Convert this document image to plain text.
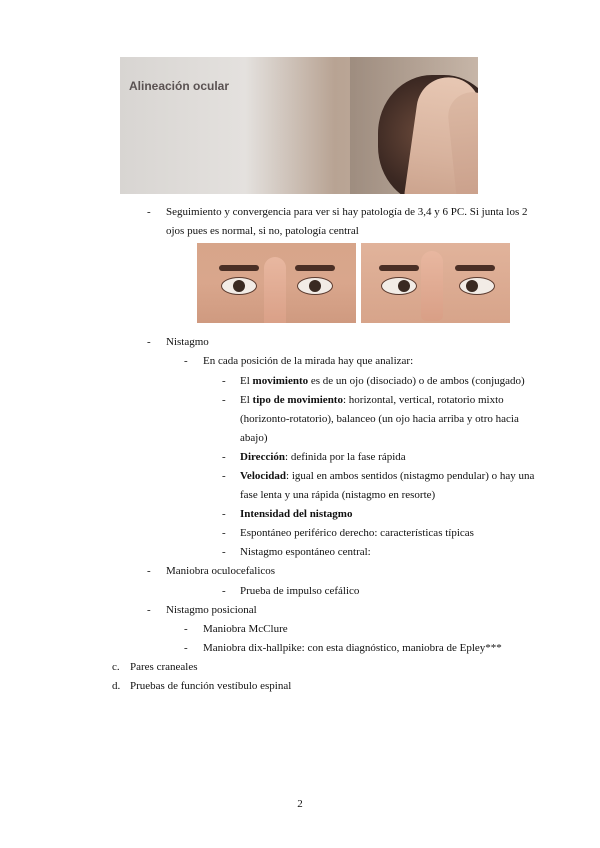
Alineación ocular
- Seguimiento y convergencia para ver si hay patología de 3,4 y 6 PC. Si junta los 2
ojos pues es normal, si no, patología central
- Nistagmo
- En cada posición de la mirada hay que analizar:
- El movimiento es de un ojo (disociado) o de ambos (conjugado)
- El tipo de movimiento: horizontal, vertical, rotatorio mixto
(horizonto-rotatorio), balanceo (un ojo hacia arriba y otro hacia
abajo)
- Dirección: definida por la fase rápida
- Velocidad: igual en ambos sentidos (nistagmo pendular) o hay una
fase lenta y una rápida (nistagmo en resorte)
- Intensidad del nistagmo
- Espontáneo periférico derecho: características típicas
- Nistagmo espontáneo central:
- Maniobra oculocefalicos
- Prueba de impulso cefálico
- Nistagmo posicional
- Maniobra McClure
- Maniobra dix-hallpike: con esta diagnóstico, maniobra de Epley***
c. Pares craneales
d. Pruebas de función vestíbulo espinal
2
